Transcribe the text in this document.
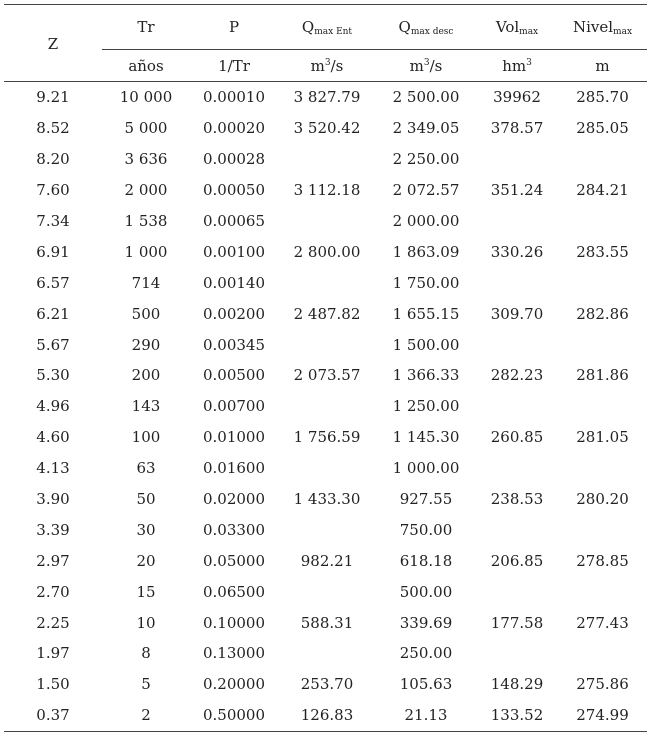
Z	Tr	P	$Q_{max Ent}$	$Q_{max desc}$	Vol$_{max}$	Nivel$_{max}$
	años	1/Tr	$m^3/s$	$m^3/s$	$hm^3$	m
9.21	10 000	0.00010	3 827.79	2 500.00	39962	285.70
8.52	5 000	0.00020	3 520.42	2 349.05	378.57	285.05
8.20	3 636	0.00028		2 250.00		
7.60	2 000	0.00050	3 112.18	2 072.57	351.24	284.21
7.34	1 538	0.00065		2 000.00		
6.91	1 000	0.00100	2 800.00	1 863.09	330.26	283.55
6.57	714	0.00140		1 750.00		
6.21	500	0.00200	2 487.82	1 655.15	309.70	282.86
5.67	290	0.00345		1 500.00		
5.30	200	0.00500	2 073.57	1 366.33	282.23	281.86
4.96	143	0.00700		1 250.00		
4.60	100	0.01000	1 756.59	1 145.30	260.85	281.05
4.13	63	0.01600		1 000.00		
3.90	50	0.02000	1 433.30	927.55	238.53	280.20
3.39	30	0.03300		750.00		
2.97	20	0.05000	982.21	618.18	206.85	278.85
2.70	15	0.06500		500.00		
2.25	10	0.10000	588.31	339.69	177.58	277.43
1.97	8	0.13000		250.00		
1.50	5	0.20000	253.70	105.63	148.29	275.86
0.37	2	0.50000	126.83	21.13	133.52	274.99
